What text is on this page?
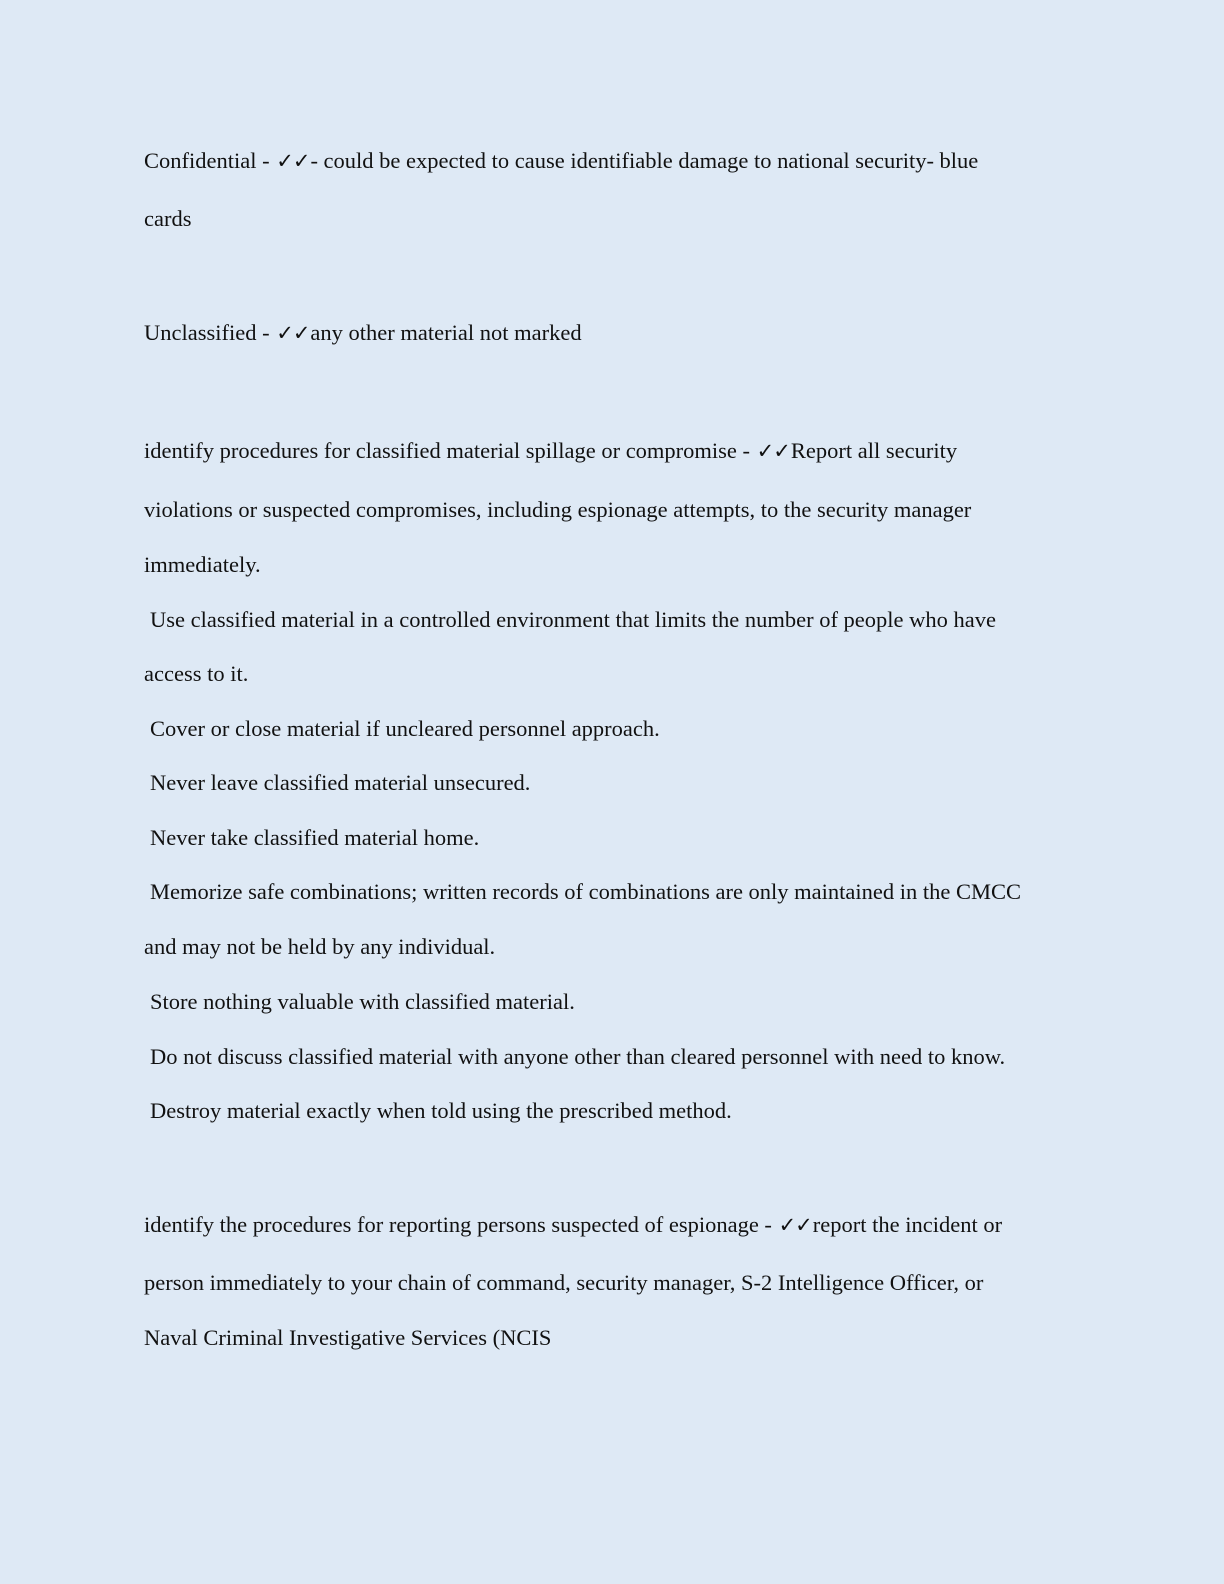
Confidential - ✓✓- could be expected to cause identifiable damage to national security- blue

cards

Unclassified - ✓✓any other material not marked

identify procedures for classified material spillage or compromise - ✓✓Report all security

violations or suspected compromises, including espionage attempts, to the security manager

immediately.

Use classified material in a controlled environment that limits the number of people who have

access to it.

Cover or close material if uncleared personnel approach.

Never leave classified material unsecured.

Never take classified material home.

Memorize safe combinations; written records of combinations are only maintained in the CMCC

and may not be held by any individual.

Store nothing valuable with classified material.

Do not discuss classified material with anyone other than cleared personnel with need to know.

Destroy material exactly when told using the prescribed method.

identify the procedures for reporting persons suspected of espionage - ✓✓report the incident or

person immediately to your chain of command, security manager, S-2 Intelligence Officer, or

Naval Criminal Investigative Services (NCIS
